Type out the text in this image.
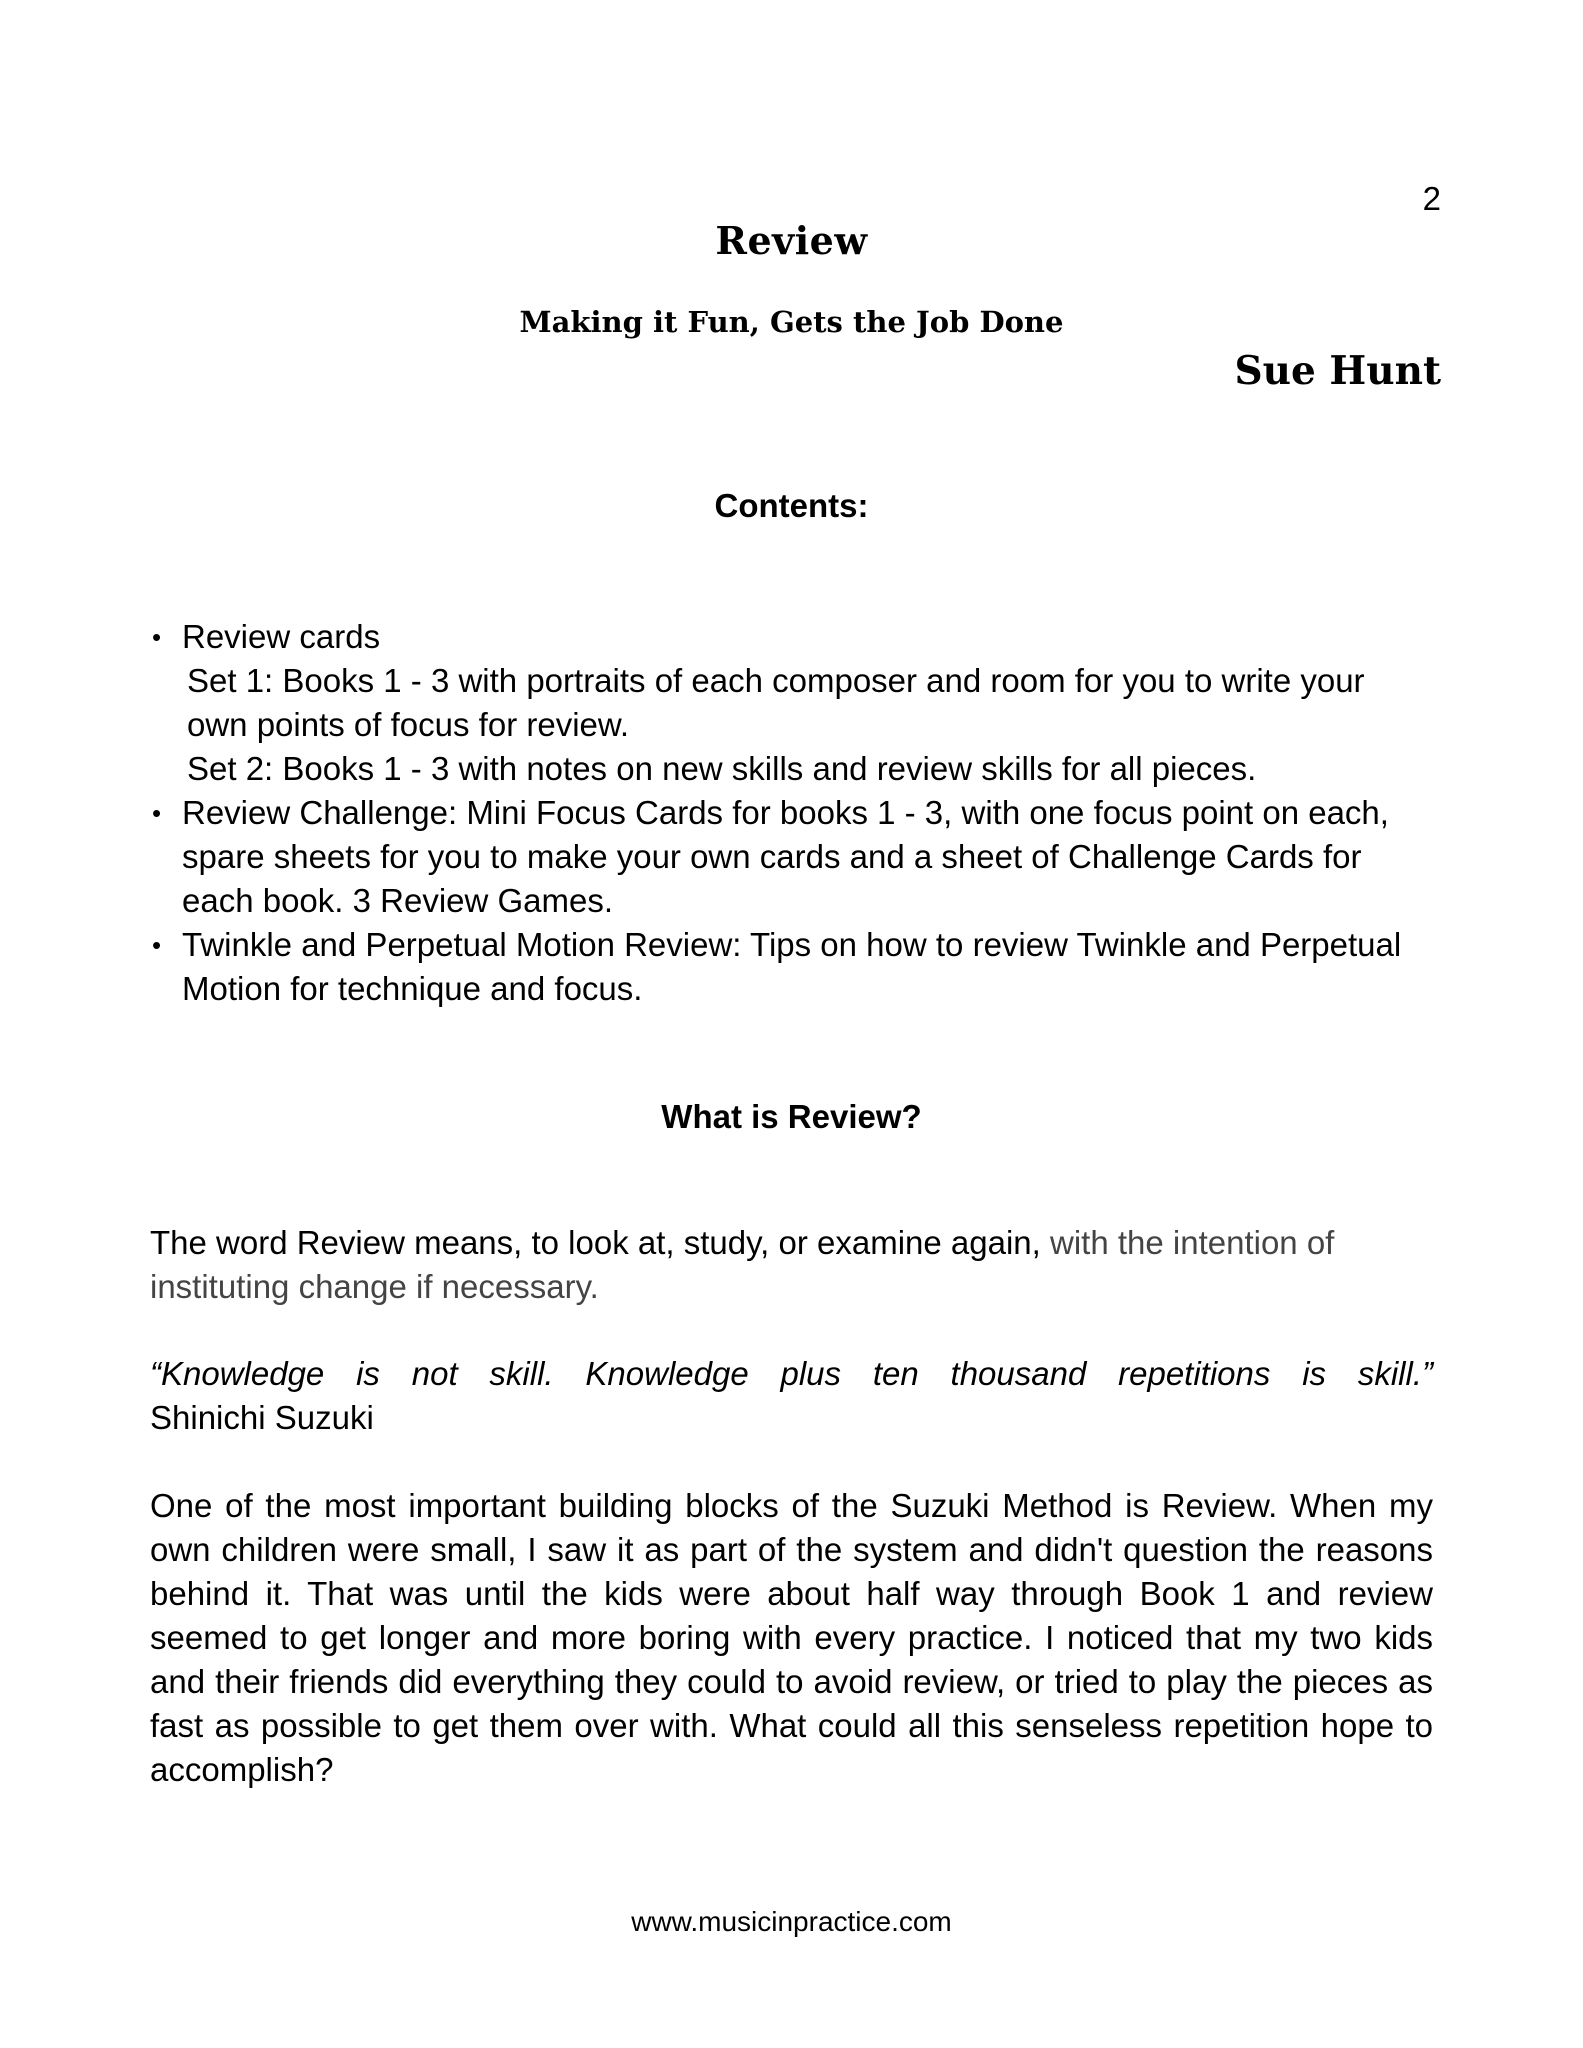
2
Review
Making it Fun, Gets the Job Done
Sue Hunt
Contents:
• Review cards
Set 1: Books 1 - 3 with portraits of each composer and room for you to write your own points of focus for review.
Set 2: Books 1 - 3 with notes on new skills and review skills for all pieces.
• Review Challenge: Mini Focus Cards for books 1 - 3, with one focus point on each, spare sheets for you to make your own cards and a sheet of Challenge Cards for each book. 3 Review Games.
• Twinkle and Perpetual Motion Review: Tips on how to review Twinkle and Perpetual Motion for technique and focus.
What is Review?
The word Review means, to look at, study, or examine again, with the intention of instituting change if necessary.
“Knowledge is not skill. Knowledge plus ten thousand repetitions is skill.”
Shinichi Suzuki
One of the most important building blocks of the Suzuki Method is Review. When my own children were small, I saw it as part of the system and didn't question the reasons behind it. That was until the kids were about half way through Book 1 and review seemed to get longer and more boring with every practice. I noticed that my two kids and their friends did everything they could to avoid review, or tried to play the pieces as fast as possible to get them over with. What could all this senseless repetition hope to accomplish?
www.musicinpractice.com
